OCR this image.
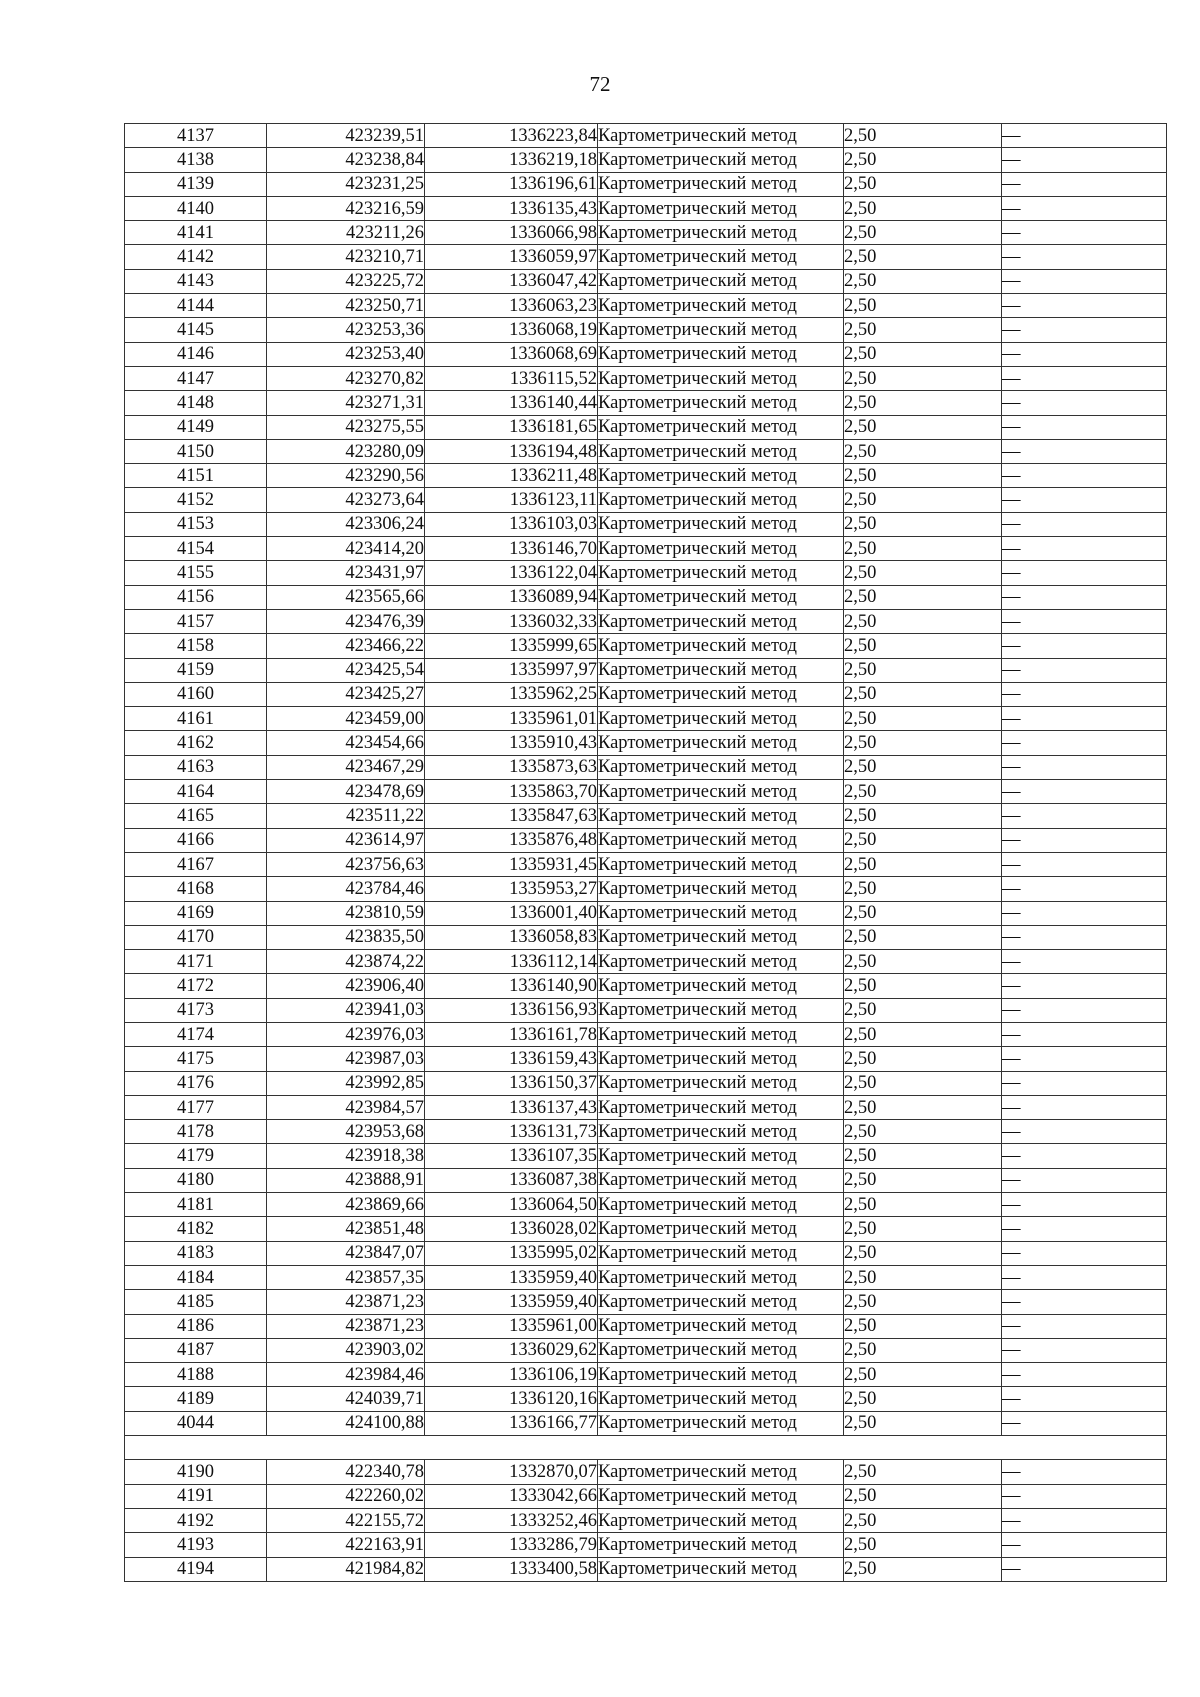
72
4137	423239,51	1336223,84	Картометрический метод	2,50	—
4138	423238,84	1336219,18	Картометрический метод	2,50	—
4139	423231,25	1336196,61	Картометрический метод	2,50	—
4140	423216,59	1336135,43	Картометрический метод	2,50	—
4141	423211,26	1336066,98	Картометрический метод	2,50	—
4142	423210,71	1336059,97	Картометрический метод	2,50	—
4143	423225,72	1336047,42	Картометрический метод	2,50	—
4144	423250,71	1336063,23	Картометрический метод	2,50	—
4145	423253,36	1336068,19	Картометрический метод	2,50	—
4146	423253,40	1336068,69	Картометрический метод	2,50	—
4147	423270,82	1336115,52	Картометрический метод	2,50	—
4148	423271,31	1336140,44	Картометрический метод	2,50	—
4149	423275,55	1336181,65	Картометрический метод	2,50	—
4150	423280,09	1336194,48	Картометрический метод	2,50	—
4151	423290,56	1336211,48	Картометрический метод	2,50	—
4152	423273,64	1336123,11	Картометрический метод	2,50	—
4153	423306,24	1336103,03	Картометрический метод	2,50	—
4154	423414,20	1336146,70	Картометрический метод	2,50	—
4155	423431,97	1336122,04	Картометрический метод	2,50	—
4156	423565,66	1336089,94	Картометрический метод	2,50	—
4157	423476,39	1336032,33	Картометрический метод	2,50	—
4158	423466,22	1335999,65	Картометрический метод	2,50	—
4159	423425,54	1335997,97	Картометрический метод	2,50	—
4160	423425,27	1335962,25	Картометрический метод	2,50	—
4161	423459,00	1335961,01	Картометрический метод	2,50	—
4162	423454,66	1335910,43	Картометрический метод	2,50	—
4163	423467,29	1335873,63	Картометрический метод	2,50	—
4164	423478,69	1335863,70	Картометрический метод	2,50	—
4165	423511,22	1335847,63	Картометрический метод	2,50	—
4166	423614,97	1335876,48	Картометрический метод	2,50	—
4167	423756,63	1335931,45	Картометрический метод	2,50	—
4168	423784,46	1335953,27	Картометрический метод	2,50	—
4169	423810,59	1336001,40	Картометрический метод	2,50	—
4170	423835,50	1336058,83	Картометрический метод	2,50	—
4171	423874,22	1336112,14	Картометрический метод	2,50	—
4172	423906,40	1336140,90	Картометрический метод	2,50	—
4173	423941,03	1336156,93	Картометрический метод	2,50	—
4174	423976,03	1336161,78	Картометрический метод	2,50	—
4175	423987,03	1336159,43	Картометрический метод	2,50	—
4176	423992,85	1336150,37	Картометрический метод	2,50	—
4177	423984,57	1336137,43	Картометрический метод	2,50	—
4178	423953,68	1336131,73	Картометрический метод	2,50	—
4179	423918,38	1336107,35	Картометрический метод	2,50	—
4180	423888,91	1336087,38	Картометрический метод	2,50	—
4181	423869,66	1336064,50	Картометрический метод	2,50	—
4182	423851,48	1336028,02	Картометрический метод	2,50	—
4183	423847,07	1335995,02	Картометрический метод	2,50	—
4184	423857,35	1335959,40	Картометрический метод	2,50	—
4185	423871,23	1335959,40	Картометрический метод	2,50	—
4186	423871,23	1335961,00	Картометрический метод	2,50	—
4187	423903,02	1336029,62	Картометрический метод	2,50	—
4188	423984,46	1336106,19	Картометрический метод	2,50	—
4189	424039,71	1336120,16	Картометрический метод	2,50	—
4044	424100,88	1336166,77	Картометрический метод	2,50	—

4190	422340,78	1332870,07	Картометрический метод	2,50	—
4191	422260,02	1333042,66	Картометрический метод	2,50	—
4192	422155,72	1333252,46	Картометрический метод	2,50	—
4193	422163,91	1333286,79	Картометрический метод	2,50	—
4194	421984,82	1333400,58	Картометрический метод	2,50	—
